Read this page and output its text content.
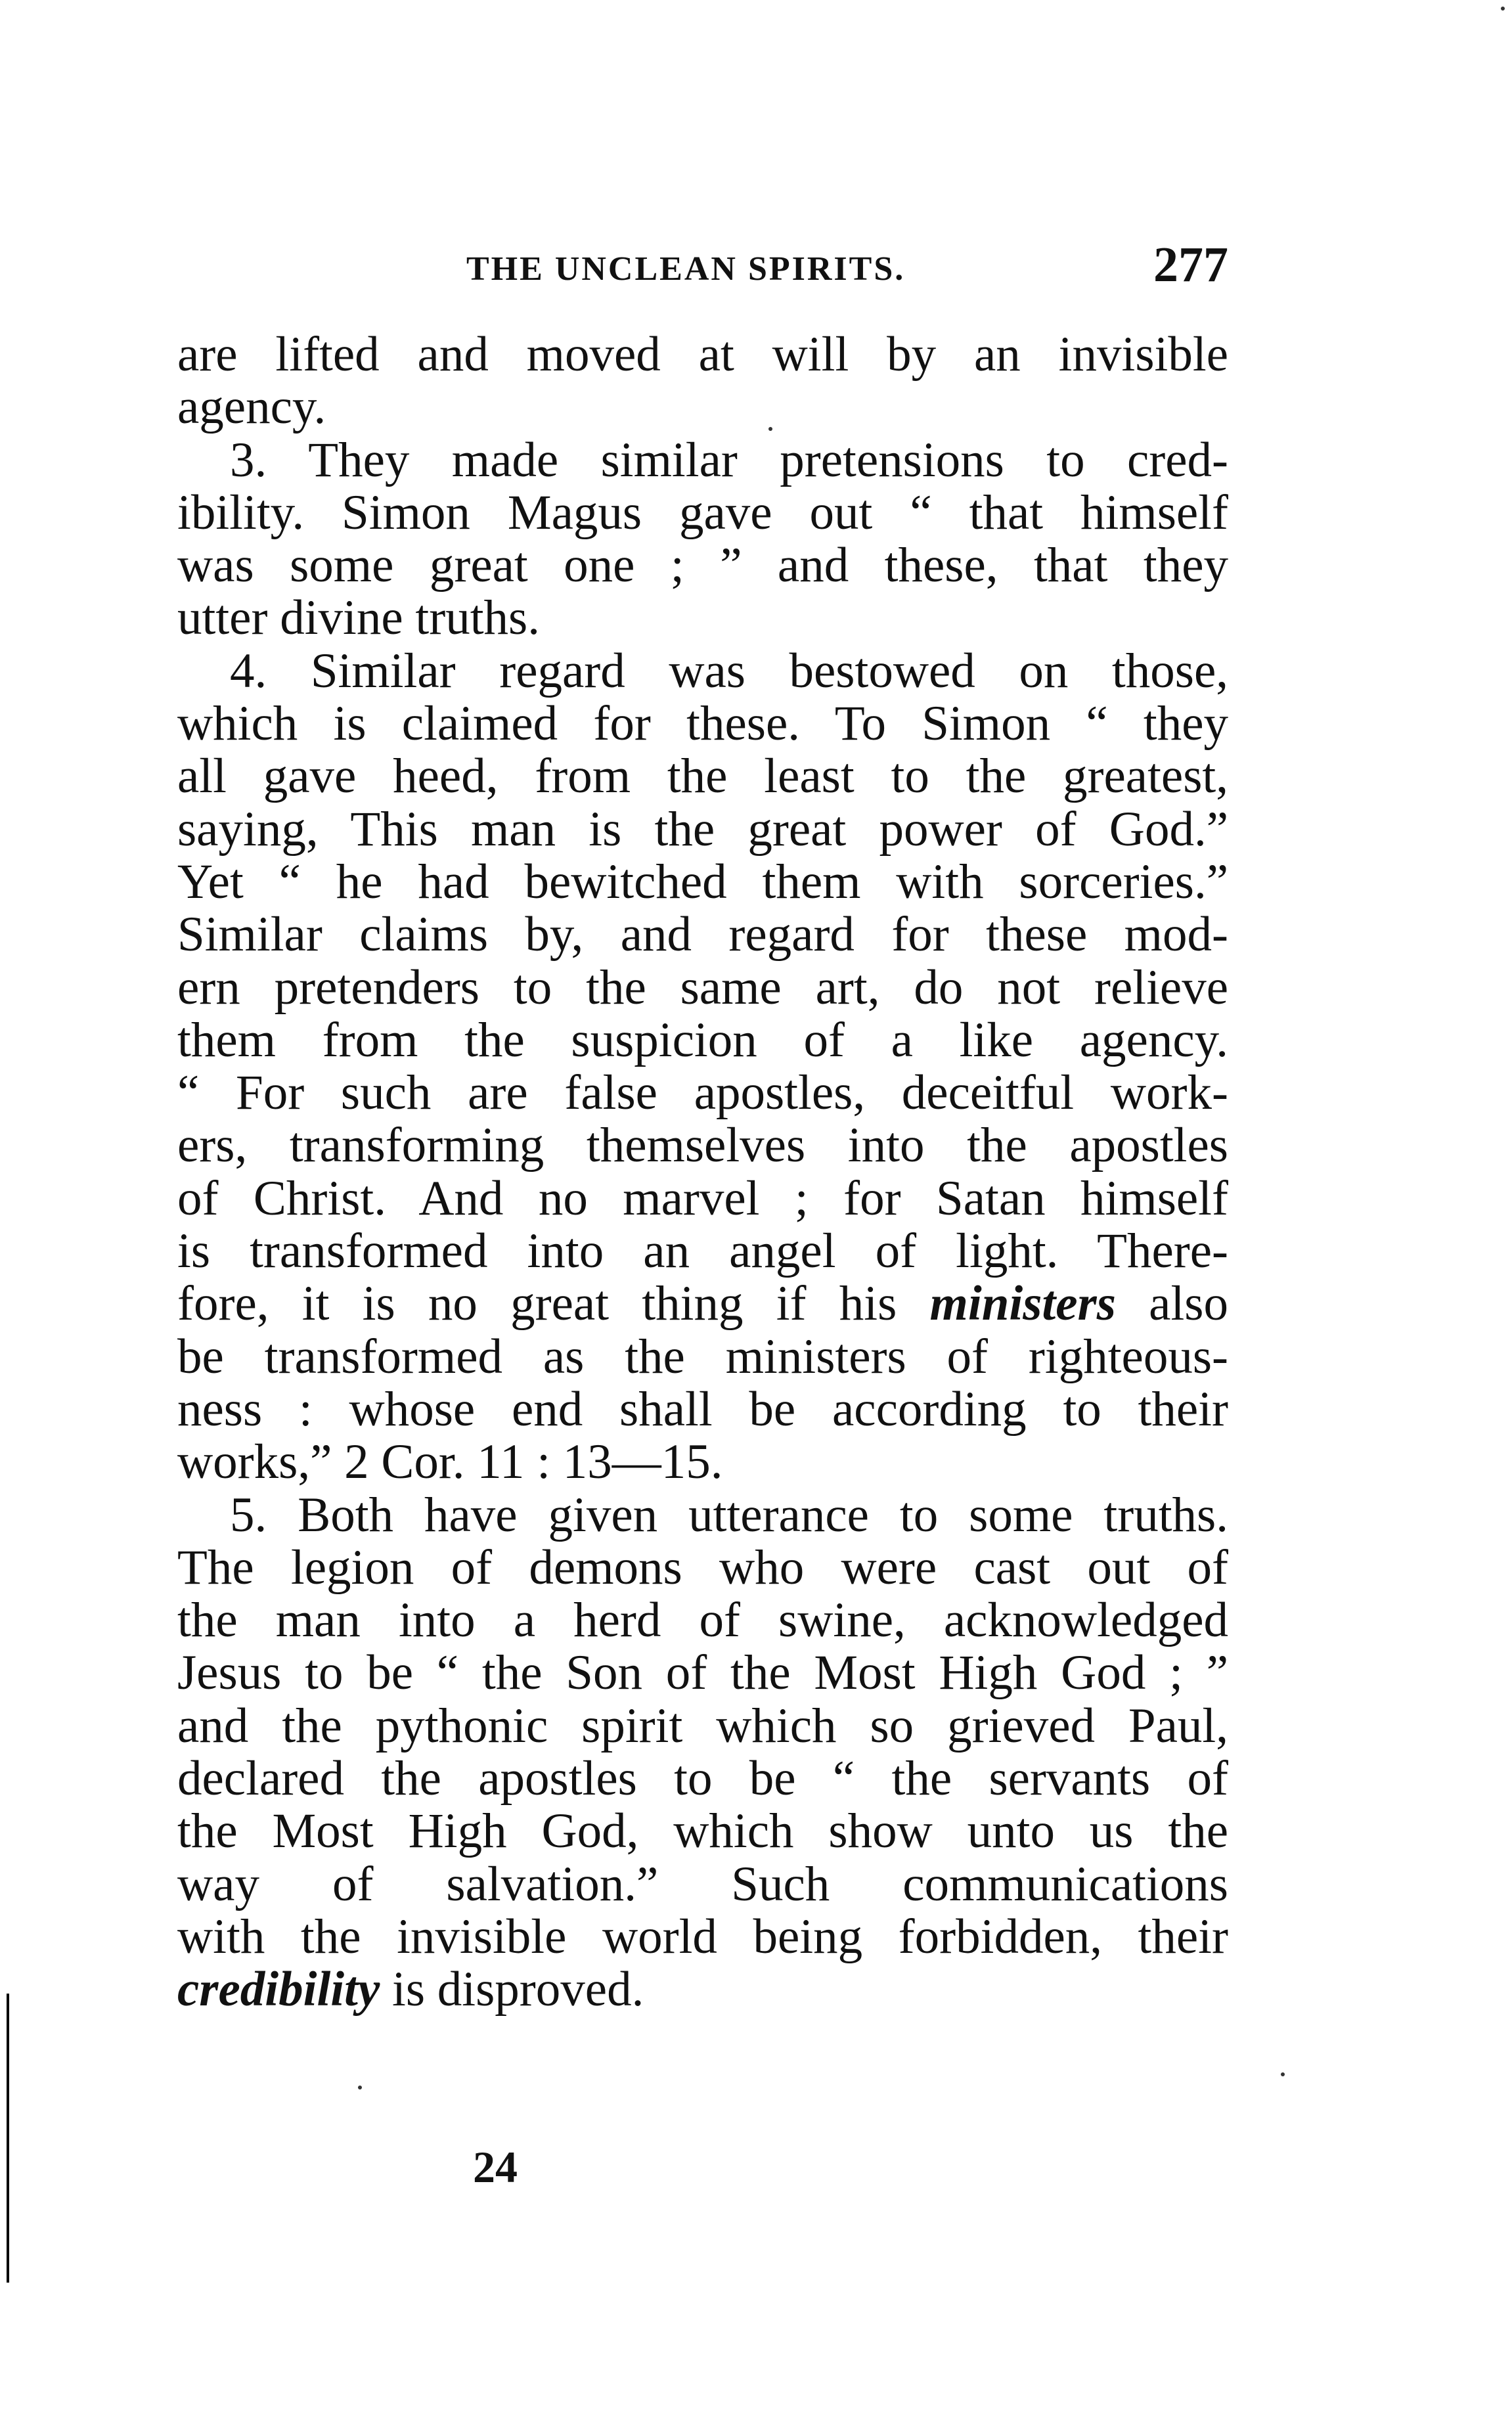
THE UNCLEAN SPIRITS.	277
are lifted and moved at will by an invisible
agency.
3. They made similar pretensions to cred-
ibility. Simon Magus gave out “ that himself
was some great one ; ” and these, that they
utter divine truths.
4. Similar regard was bestowed on those,
which is claimed for these. To Simon “ they
all gave heed, from the least to the greatest,
saying, This man is the great power of God.”
Yet “ he had bewitched them with sorceries.”
Similar claims by, and regard for these mod-
ern pretenders to the same art, do not relieve
them from the suspicion of a like agency.
“ For such are false apostles, deceitful work-
ers, transforming themselves into the apostles
of Christ. And no marvel ; for Satan himself
is transformed into an angel of light. There-
fore, it is no great thing if his ministers also
be transformed as the ministers of righteous-
ness : whose end shall be according to their
works,” 2 Cor. 11 : 13—15.
5. Both have given utterance to some truths.
The legion of demons who were cast out of
the man into a herd of swine, acknowledged
Jesus to be “ the Son of the Most High God ; ”
and the pythonic spirit which so grieved Paul,
declared the apostles to be “ the servants of
the Most High God, which show unto us the
way of salvation.” Such communications
with the invisible world being forbidden, their
credibility is disproved.
24
